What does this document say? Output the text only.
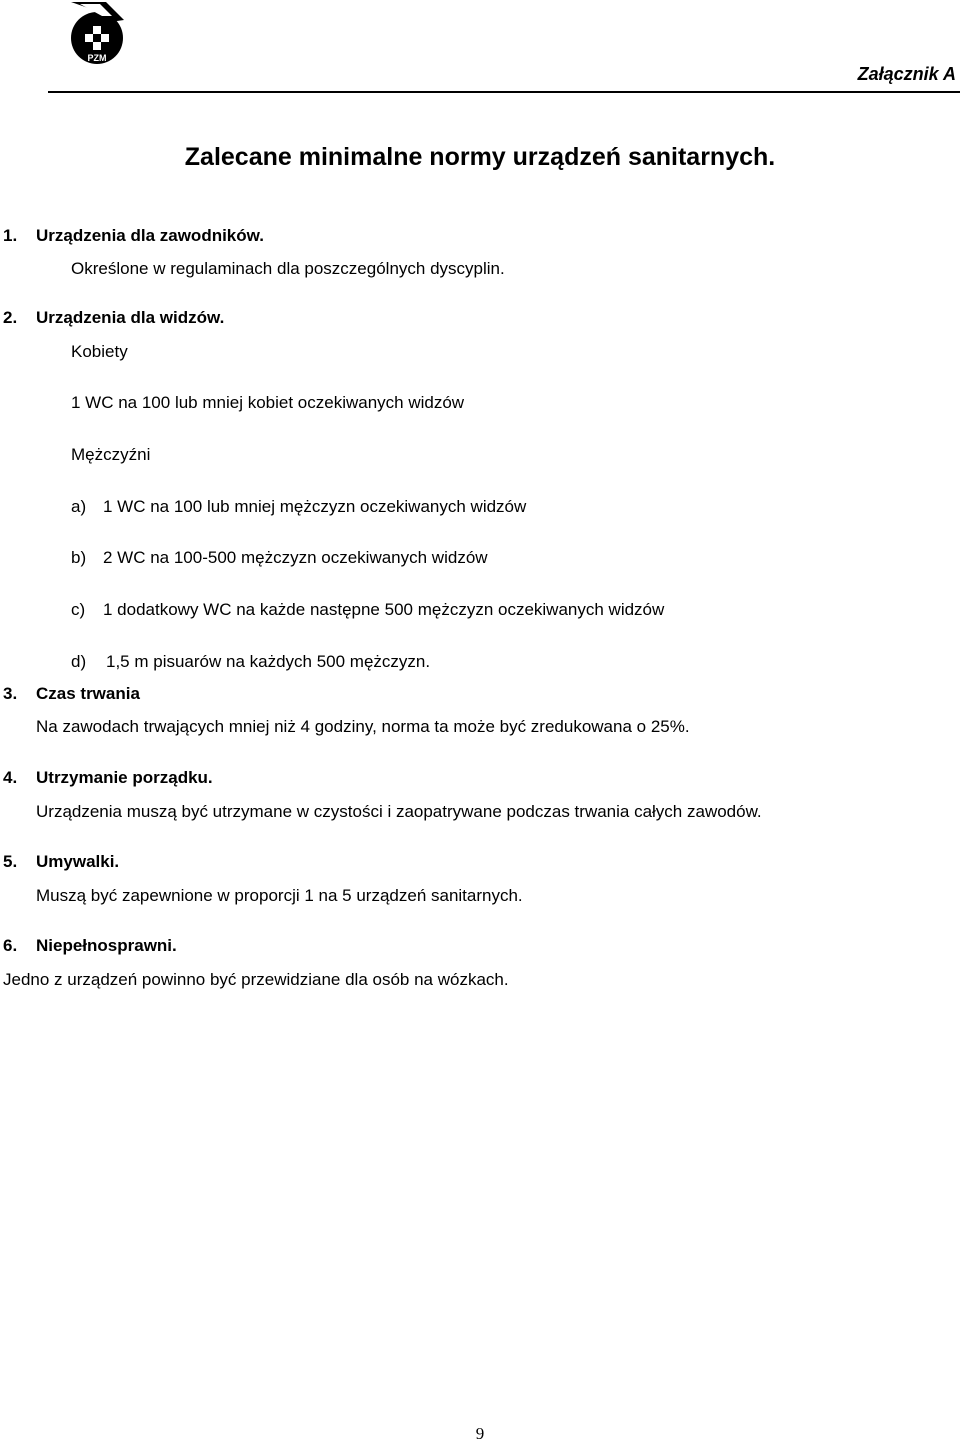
PZM
Załącznik A
Zalecane minimalne normy urządzeń sanitarnych.
1. Urządzenia dla zawodników.
Określone w regulaminach dla poszczególnych dyscyplin.
2. Urządzenia dla widzów.
Kobiety
1 WC na 100 lub mniej kobiet oczekiwanych widzów
Mężczyźni
a) 1 WC na 100 lub mniej mężczyzn oczekiwanych widzów
b) 2 WC na 100-500 mężczyzn oczekiwanych widzów
c) 1 dodatkowy WC na każde następne 500 mężczyzn oczekiwanych widzów
d) 1,5 m pisuarów na każdych 500 mężczyzn.
3. Czas trwania
Na zawodach trwających mniej niż 4 godziny, norma ta może być zredukowana o 25%.
4. Utrzymanie porządku.
Urządzenia muszą być utrzymane w czystości i zaopatrywane podczas trwania całych zawodów.
5. Umywalki.
Muszą być zapewnione w proporcji 1 na 5 urządzeń sanitarnych.
6. Niepełnosprawni.
Jedno z urządzeń powinno być przewidziane dla osób na wózkach.
9
